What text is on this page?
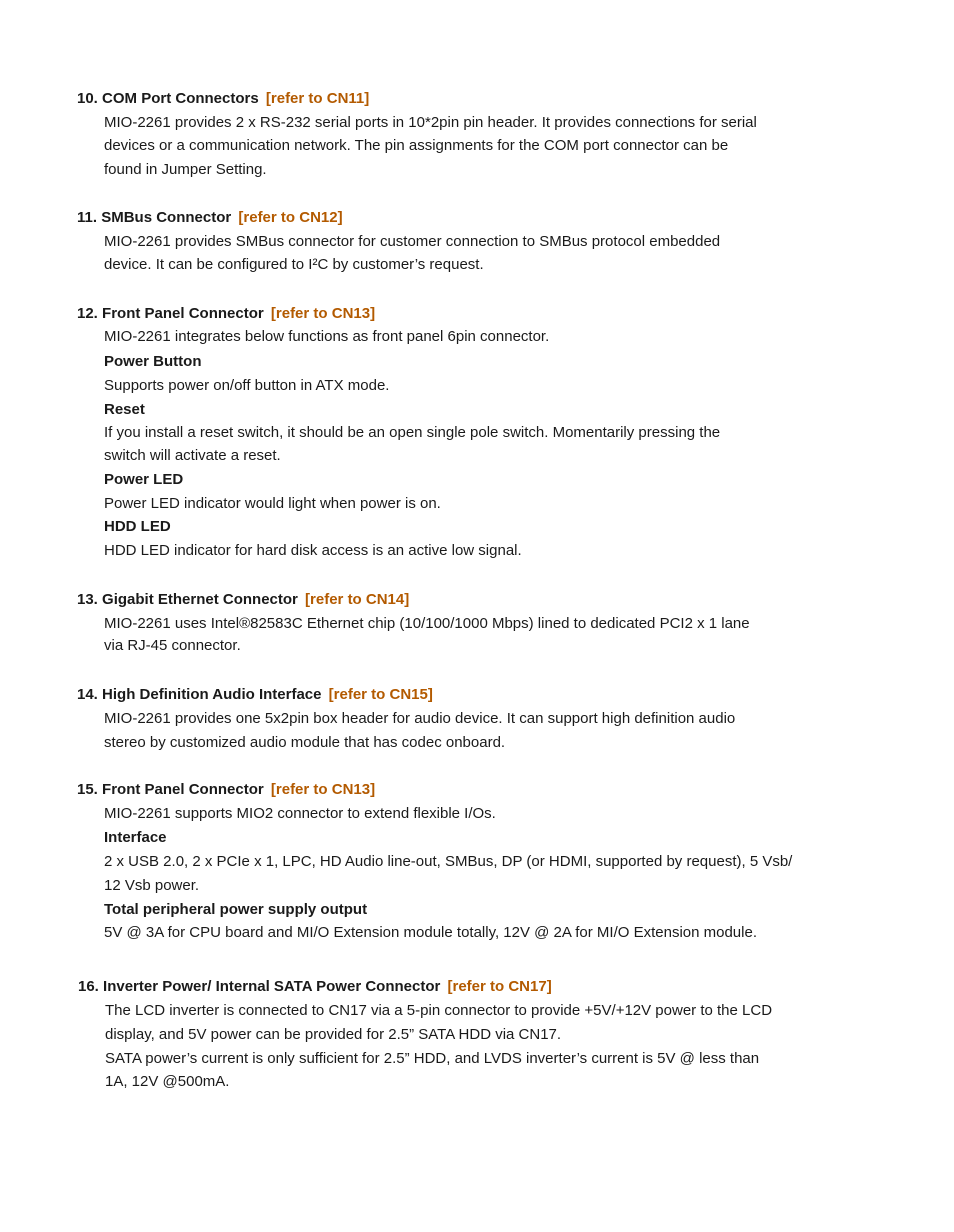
10. COM Port Connectors [refer to CN11]
MIO-2261 provides 2 x RS-232 serial ports in 10*2pin pin header. It provides connections for serial
devices or a communication network. The pin assignments for the COM port connector can be
found in Jumper Setting.
11. SMBus Connector [refer to CN12]
MIO-2261 provides SMBus connector for customer connection to SMBus protocol embedded
device. It can be configured to I²C by customer’s request.
12. Front Panel Connector [refer to CN13]
MIO-2261 integrates below functions as front panel 6pin connector.
Power Button
Supports power on/off button in ATX mode.
Reset
If you install a reset switch, it should be an open single pole switch. Momentarily pressing the
switch will activate a reset.
Power LED
Power LED indicator would light when power is on.
HDD LED
HDD LED indicator for hard disk access is an active low signal.
13. Gigabit Ethernet Connector [refer to CN14]
MIO-2261 uses Intel®82583C Ethernet chip (10/100/1000 Mbps) lined to dedicated PCI2 x 1 lane
via RJ-45 connector.
14. High Definition Audio Interface [refer to CN15]
MIO-2261 provides one 5x2pin box header for audio device. It can support high definition audio
stereo by customized audio module that has codec onboard.
15. Front Panel Connector [refer to CN13]
MIO-2261 supports MIO2 connector to extend flexible I/Os.
Interface
2 x USB 2.0, 2 x PCIe x 1, LPC, HD Audio line-out, SMBus, DP (or HDMI, supported by request), 5 Vsb/
12 Vsb power.
Total peripheral power supply output
5V @ 3A for CPU board and MI/O Extension module totally, 12V @ 2A for MI/O Extension module.
16. Inverter Power/ Internal SATA Power Connector [refer to CN17]
The LCD inverter is connected to CN17 via a 5-pin connector to provide +5V/+12V power to the LCD
display, and 5V power can be provided for 2.5” SATA HDD via CN17.
SATA power’s current is only sufficient for 2.5” HDD, and LVDS inverter’s current is 5V @ less than
1A, 12V @500mA.
